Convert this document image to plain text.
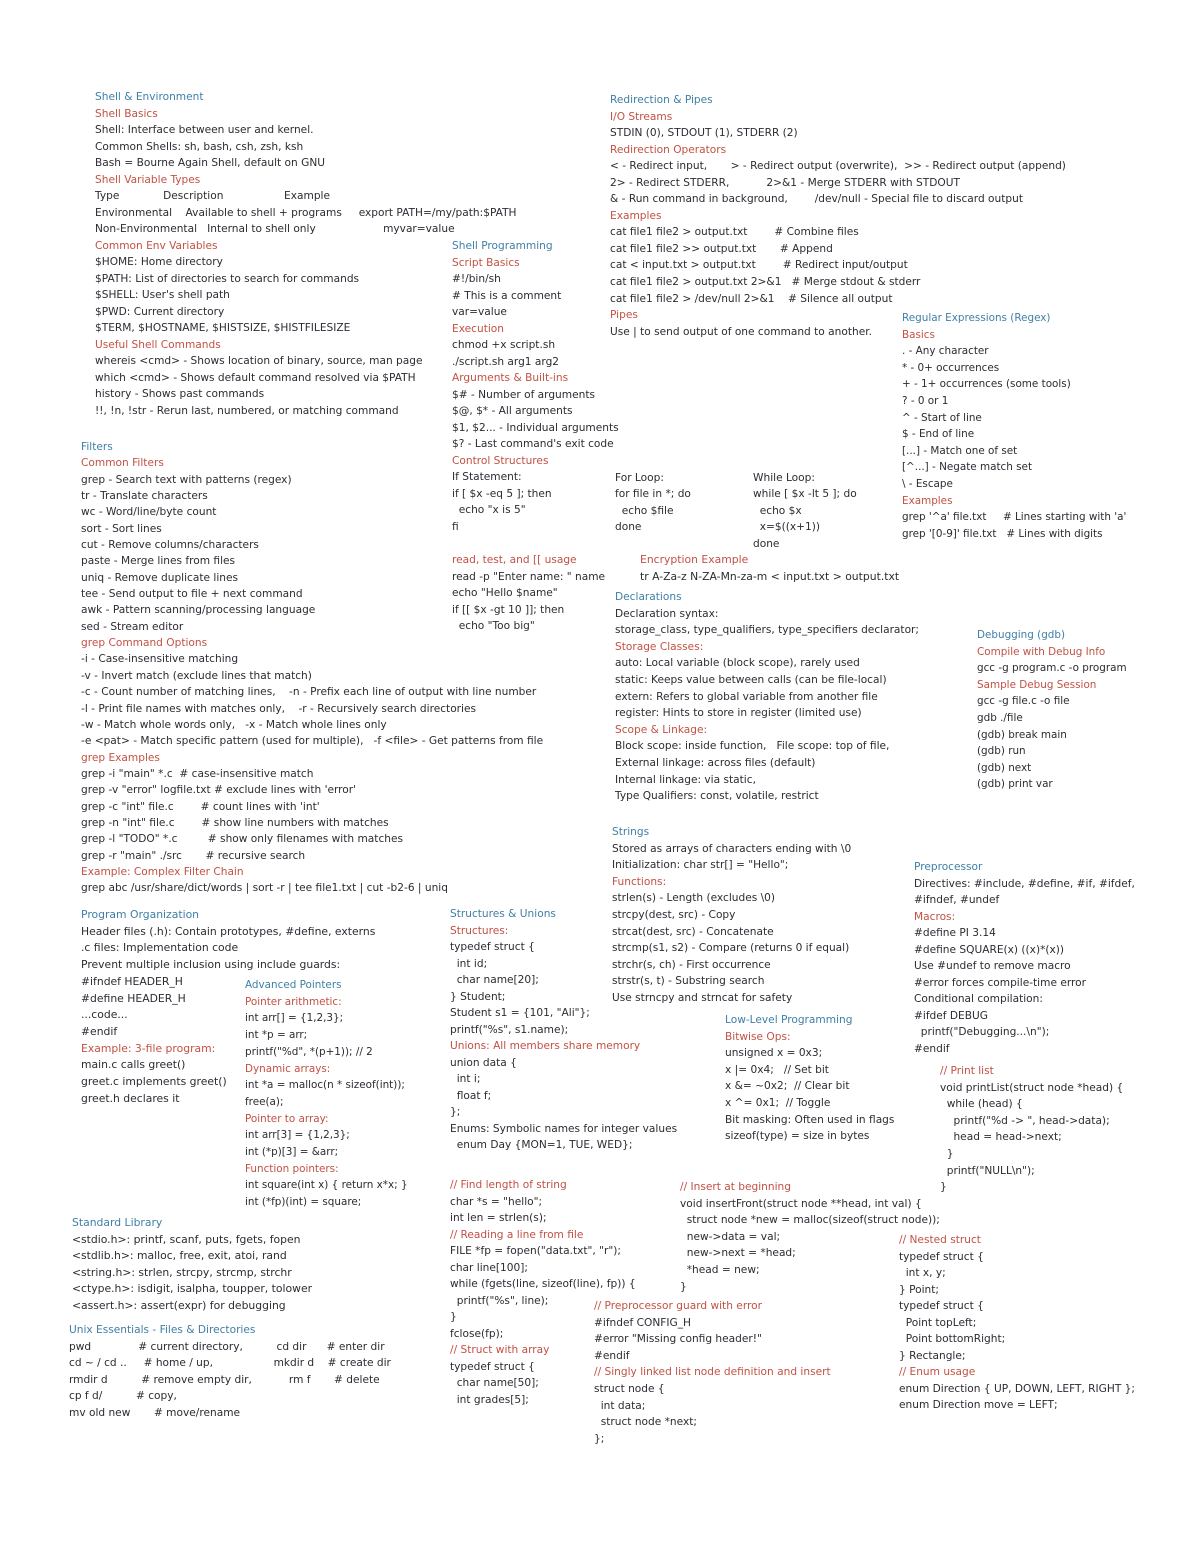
Shell & Environment
Shell Basics
Shell: Interface between user and kernel.
Common Shells: sh, bash, csh, zsh, ksh
Bash = Bourne Again Shell, default on GNU
Shell Variable Types
Type             Description                  Example
Environmental    Available to shell + programs     export PATH=/my/path:$PATH
Non-Environmental   Internal to shell only                    myvar=value
Common Env Variables
$HOME: Home directory
$PATH: List of directories to search for commands
$SHELL: User's shell path
$PWD: Current directory
$TERM, $HOSTNAME, $HISTSIZE, $HISTFILESIZE
Useful Shell Commands
whereis <cmd> - Shows location of binary, source, man page
which <cmd> - Shows default command resolved via $PATH
history - Shows past commands
!!, !n, !str - Rerun last, numbered, or matching command
Filters
Common Filters
grep - Search text with patterns (regex)
tr - Translate characters
wc - Word/line/byte count
sort - Sort lines
cut - Remove columns/characters
paste - Merge lines from files
uniq - Remove duplicate lines
tee - Send output to file + next command
awk - Pattern scanning/processing language
sed - Stream editor
grep Command Options
-i - Case-insensitive matching
-v - Invert match (exclude lines that match)
-c - Count number of matching lines,    -n - Prefix each line of output with line number
-l - Print file names with matches only,    -r - Recursively search directories
-w - Match whole words only,   -x - Match whole lines only
-e <pat> - Match specific pattern (used for multiple),   -f <file> - Get patterns from file
grep Examples
grep -i "main" *.c  # case-insensitive match
grep -v "error" logfile.txt # exclude lines with 'error'
grep -c "int" file.c        # count lines with 'int'
grep -n "int" file.c        # show line numbers with matches
grep -l "TODO" *.c         # show only filenames with matches
grep -r "main" ./src       # recursive search
Example: Complex Filter Chain
grep abc /usr/share/dict/words | sort -r | tee file1.txt | cut -b2-6 | uniq
Program Organization
Header files (.h): Contain prototypes, #define, externs
.c files: Implementation code
Prevent multiple inclusion using include guards:
#ifndef HEADER_H
#define HEADER_H
...code...
#endif
Example: 3-file program:
main.c calls greet()
greet.c implements greet()
greet.h declares it
Advanced Pointers
Pointer arithmetic:
int arr[] = {1,2,3};
int *p = arr;
printf("%d", *(p+1)); // 2
Dynamic arrays:
int *a = malloc(n * sizeof(int));
free(a);
Pointer to array:
int arr[3] = {1,2,3};
int (*p)[3] = &arr;
Function pointers:
int square(int x) { return x*x; }
int (*fp)(int) = square;
Standard Library
<stdio.h>: printf, scanf, puts, fgets, fopen
<stdlib.h>: malloc, free, exit, atoi, rand
<string.h>: strlen, strcpy, strcmp, strchr
<ctype.h>: isdigit, isalpha, toupper, tolower
<assert.h>: assert(expr) for debugging
Unix Essentials - Files & Directories
pwd              # current directory,          cd dir      # enter dir
cd ~ / cd ..     # home / up,                  mkdir d    # create dir
rmdir d          # remove empty dir,           rm f       # delete
cp f d/          # copy,
mv old new       # move/rename
Shell Programming
Script Basics
#!/bin/sh
# This is a comment
var=value
Execution
chmod +x script.sh
./script.sh arg1 arg2
Arguments & Built-ins
$# - Number of arguments
$@, $* - All arguments
$1, $2... - Individual arguments
$? - Last command's exit code
Control Structures
If Statement:
if [ $x -eq 5 ]; then
echo "x is 5"
fi
For Loop:
for file in *; do
echo $file
done
While Loop:
while [ $x -lt 5 ]; do
echo $x
x=$((x+1))
done
read, test, and [[ usage
read -p "Enter name: " name
echo "Hello $name"
if [[ $x -gt 10 ]]; then
echo "Too big"
Encryption Example
tr A-Za-z N-ZA-Mn-za-m < input.txt > output.txt
Redirection & Pipes
I/O Streams
STDIN (0), STDOUT (1), STDERR (2)
Redirection Operators
< - Redirect input,       > - Redirect output (overwrite),  >> - Redirect output (append)
2> - Redirect STDERR,           2>&1 - Merge STDERR with STDOUT
& - Run command in background,        /dev/null - Special file to discard output
Examples
cat file1 file2 > output.txt        # Combine files
cat file1 file2 >> output.txt       # Append
cat < input.txt > output.txt        # Redirect input/output
cat file1 file2 > output.txt 2>&1   # Merge stdout & stderr
cat file1 file2 > /dev/null 2>&1    # Silence all output
Pipes
Use | to send output of one command to another.
Regular Expressions (Regex)
Basics
. - Any character
* - 0+ occurrences
+ - 1+ occurrences (some tools)
? - 0 or 1
^ - Start of line
$ - End of line
[...] - Match one of set
[^...] - Negate match set
\ - Escape
Examples
grep '^a' file.txt     # Lines starting with 'a'
grep '[0-9]' file.txt   # Lines with digits
Declarations
Declaration syntax:
storage_class, type_qualifiers, type_specifiers declarator;
Storage Classes:
auto: Local variable (block scope), rarely used
static: Keeps value between calls (can be file-local)
extern: Refers to global variable from another file
register: Hints to store in register (limited use)
Scope & Linkage:
Block scope: inside function,   File scope: top of file,
External linkage: across files (default)
Internal linkage: via static,
Type Qualifiers: const, volatile, restrict
Debugging (gdb)
Compile with Debug Info
gcc -g program.c -o program
Sample Debug Session
gcc -g file.c -o file
gdb ./file
(gdb) break main
(gdb) run
(gdb) next
(gdb) print var
Strings
Stored as arrays of characters ending with \0
Initialization: char str[] = "Hello";
Functions:
strlen(s) - Length (excludes \0)
strcpy(dest, src) - Copy
strcat(dest, src) - Concatenate
strcmp(s1, s2) - Compare (returns 0 if equal)
strchr(s, ch) - First occurrence
strstr(s, t) - Substring search
Use strncpy and strncat for safety
Preprocessor
Directives: #include, #define, #if, #ifdef,
#ifndef, #undef
Macros:
#define PI 3.14
#define SQUARE(x) ((x)*(x))
Use #undef to remove macro
#error forces compile-time error
Conditional compilation:
#ifdef DEBUG
printf("Debugging...\n");
#endif
Structures & Unions
Structures:
typedef struct {
int id;
char name[20];
} Student;
Student s1 = {101, "Ali"};
printf("%s", s1.name);
Unions: All members share memory
union data {
int i;
float f;
};
Enums: Symbolic names for integer values
enum Day {MON=1, TUE, WED};
Low-Level Programming
Bitwise Ops:
unsigned x = 0x3;
x |= 0x4;   // Set bit
x &= ~0x2;  // Clear bit
x ^= 0x1;  // Toggle
Bit masking: Often used in flags
sizeof(type) = size in bytes
// Print list
void printList(struct node *head) {
while (head) {
printf("%d -> ", head->data);
head = head->next;
}
printf("NULL\n");
}
// Find length of string
char *s = "hello";
int len = strlen(s);
// Reading a line from file
FILE *fp = fopen("data.txt", "r");
char line[100];
while (fgets(line, sizeof(line), fp)) {
printf("%s", line);
}
fclose(fp);
// Struct with array
typedef struct {
char name[50];
int grades[5];
// Insert at beginning
void insertFront(struct node **head, int val) {
struct node *new = malloc(sizeof(struct node));
new->data = val;
new->next = *head;
*head = new;
}
// Preprocessor guard with error
#ifndef CONFIG_H
#error "Missing config header!"
#endif
// Singly linked list node definition and insert
struct node {
int data;
struct node *next;
};
// Nested struct
typedef struct {
int x, y;
} Point;
typedef struct {
Point topLeft;
Point bottomRight;
} Rectangle;
// Enum usage
enum Direction { UP, DOWN, LEFT, RIGHT };
enum Direction move = LEFT;
